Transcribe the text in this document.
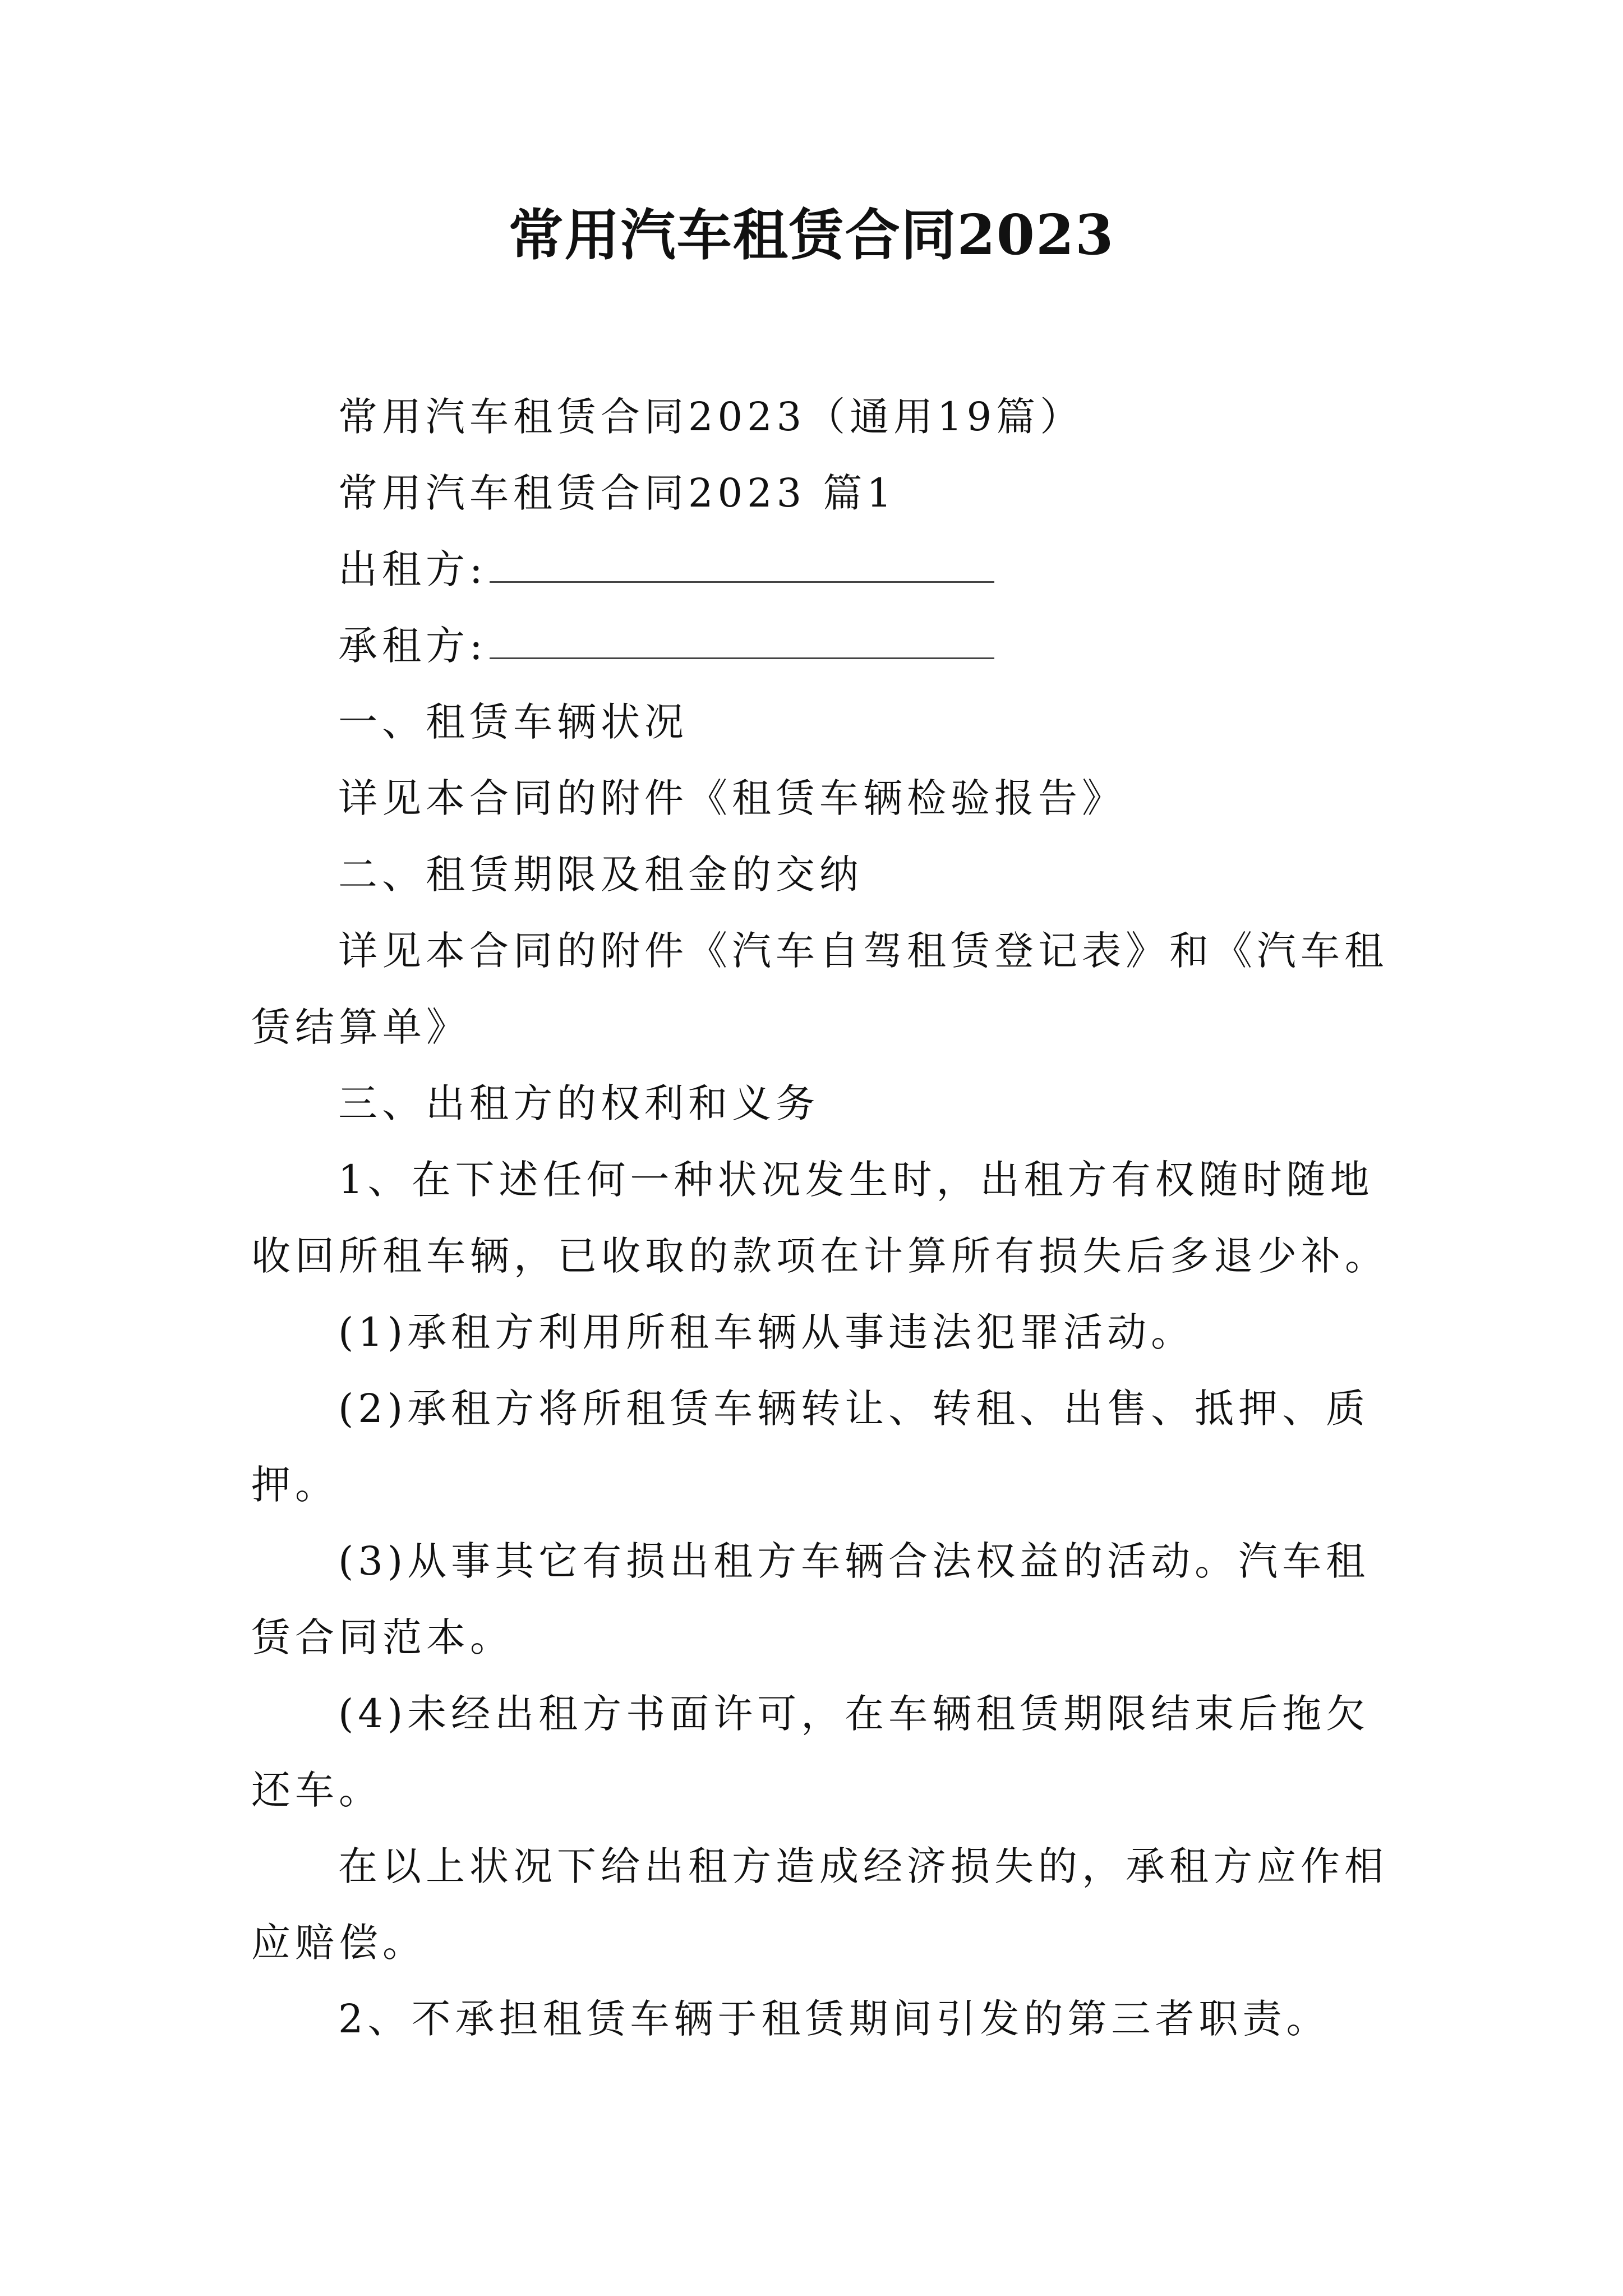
常用汽车租赁合同2023
常用汽车租赁合同2023（通用19篇）
常用汽车租赁合同2023 篇1
出租方:
承租方:
一、租赁车辆状况
详见本合同的附件《租赁车辆检验报告》
二、租赁期限及租金的交纳
详见本合同的附件《汽车自驾租赁登记表》和《汽车租
赁结算单》
三、出租方的权利和义务
1、在下述任何一种状况发生时，出租方有权随时随地
收回所租车辆，已收取的款项在计算所有损失后多退少补。
(1)承租方利用所租车辆从事违法犯罪活动。
(2)承租方将所租赁车辆转让、转租、出售、抵押、质
押。
(3)从事其它有损出租方车辆合法权益的活动。汽车租
赁合同范本。
(4)未经出租方书面许可，在车辆租赁期限结束后拖欠
还车。
在以上状况下给出租方造成经济损失的，承租方应作相
应赔偿。
2、不承担租赁车辆于租赁期间引发的第三者职责。
